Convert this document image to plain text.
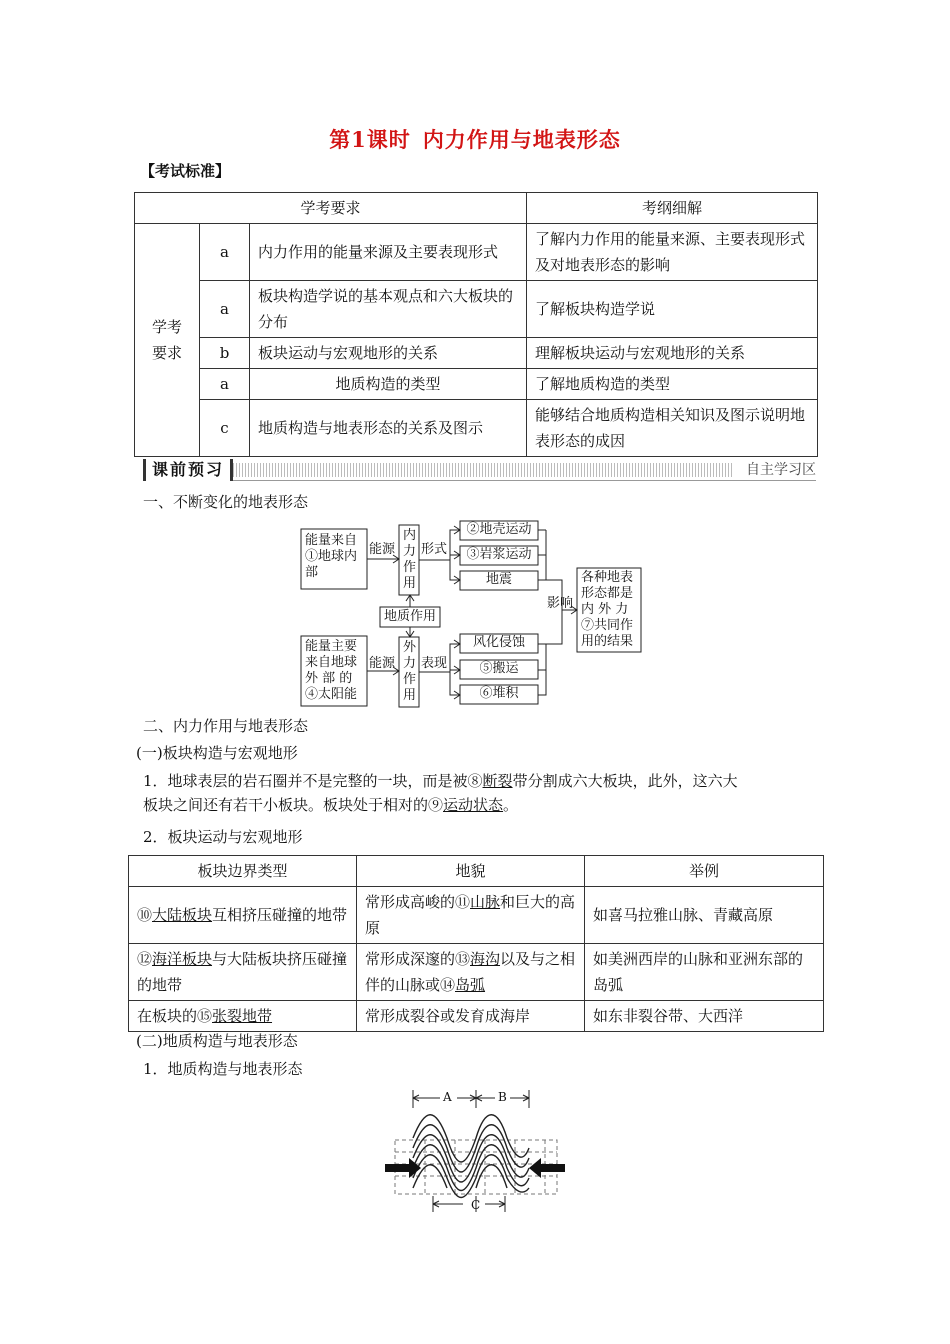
第1课时 内力作用与地表形态
【考试标准】
学考要求			考纲细解

学考要求	a	内力作用的能量来源及主要表现形式	了解内力作用的能量来源、主要表现形式及对地表形态的影响
	a	板块构造学说的基本观点和六大板块的分布	了解板块构造学说
	b	板块运动与宏观地形的关系	理解板块运动与宏观地形的关系
	a	地质构造的类型	了解地质构造的类型
	c	地质构造与地表形态的关系及图示	能够结合地质构造相关知识及图示说明地表形态的成因
课前预习	自主学习区
一、不断变化的地表形态
能量来自
①地球内
部
能源
内
力
作
用
形式
②地壳运动
③岩浆运动
地震
地质作用
能量主要
来自地球
外 部 的
④太阳能
能源
外
力
作
用
表现
风化侵蚀
⑤搬运
⑥堆积
影响
各种地表
形态都是
内 外 力
⑦共同作
用的结果
二、内力作用与地表形态
(一)板块构造与宏观地形
1．地球表层的岩石圈并不是完整的一块，而是被⑧断裂带分割成六大板块，此外，这六大
板块之间还有若干小板块。板块处于相对的⑨运动状态。
2．板块运动与宏观地形
板块边界类型	地貌	举例
⑩大陆板块互相挤压碰撞的地带	常形成高峻的⑪山脉和巨大的高原	如喜马拉雅山脉、青藏高原
⑫海洋板块与大陆板块挤压碰撞的地带	常形成深邃的⑬海沟以及与之相伴的山脉或⑭岛弧	如美洲西岸的山脉和亚洲东部的岛弧
在板块的⑮张裂地带	常形成裂谷或发育成海岸	如东非裂谷带、大西洋
(二)地质构造与地表形态
1．地质构造与地表形态
A	B
C
